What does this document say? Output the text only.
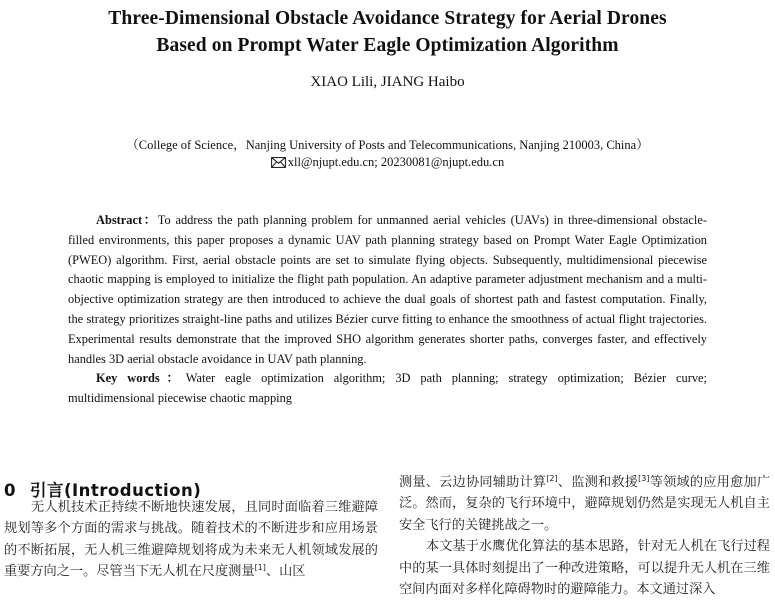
Three-Dimensional Obstacle Avoidance Strategy for Aerial Drones
Based on Prompt Water Eagle Optimization Algorithm
XIAO Lili, JIANG Haibo
（College of Science，Nanjing University of Posts and Telecommunications, Nanjing 210003, China）
xll@njupt.edu.cn; 20230081@njupt.edu.cn

Abstract：To address the path planning problem for unmanned aerial vehicles (UAVs) in three-dimensional obstacle-filled environments, this paper proposes a dynamic UAV path planning strategy based on Prompt Water Eagle Optimization (PWEO) algorithm. First, aerial obstacle points are set to simulate flying objects. Subsequently, multidimensional piecewise chaotic mapping is employed to initialize the flight path population. An adaptive parameter adjustment mechanism and a multi-objective optimization strategy are then introduced to achieve the dual goals of shortest path and fastest computation. Finally, the strategy prioritizes straight-line paths and utilizes Bézier curve fitting to enhance the smoothness of actual flight trajectories. Experimental results demonstrate that the improved SHO algorithm generates shorter paths, converges faster, and effectively handles 3D aerial obstacle avoidance in UAV path planning.

Key words：Water eagle optimization algorithm; 3D path planning; strategy optimization; Bézier curve; multidimensional piecewise chaotic mapping

0 引言(Introduction)

无人机技术正持续不断地快速发展，且同时面临着三维避障规划等多个方面的需求与挑战。随着技术的不断进步和应用场景的不断拓展，无人机三维避障规划将成为未来无人机领域发展的重要方向之一。尽管当下无人机在尺度测量[1]、山区

测量、云边协同辅助计算[2]、监测和救援[3]等领域的应用愈加广泛。然而，复杂的飞行环境中，避障规划仍然是实现无人机自主安全飞行的关键挑战之一。

本文基于水鹰优化算法的基本思路，针对无人机在飞行过程中的某一具体时刻提出了一种改进策略，可以提升无人机在三维空间内面对多样化障碍物时的避障能力。本文通过深入
